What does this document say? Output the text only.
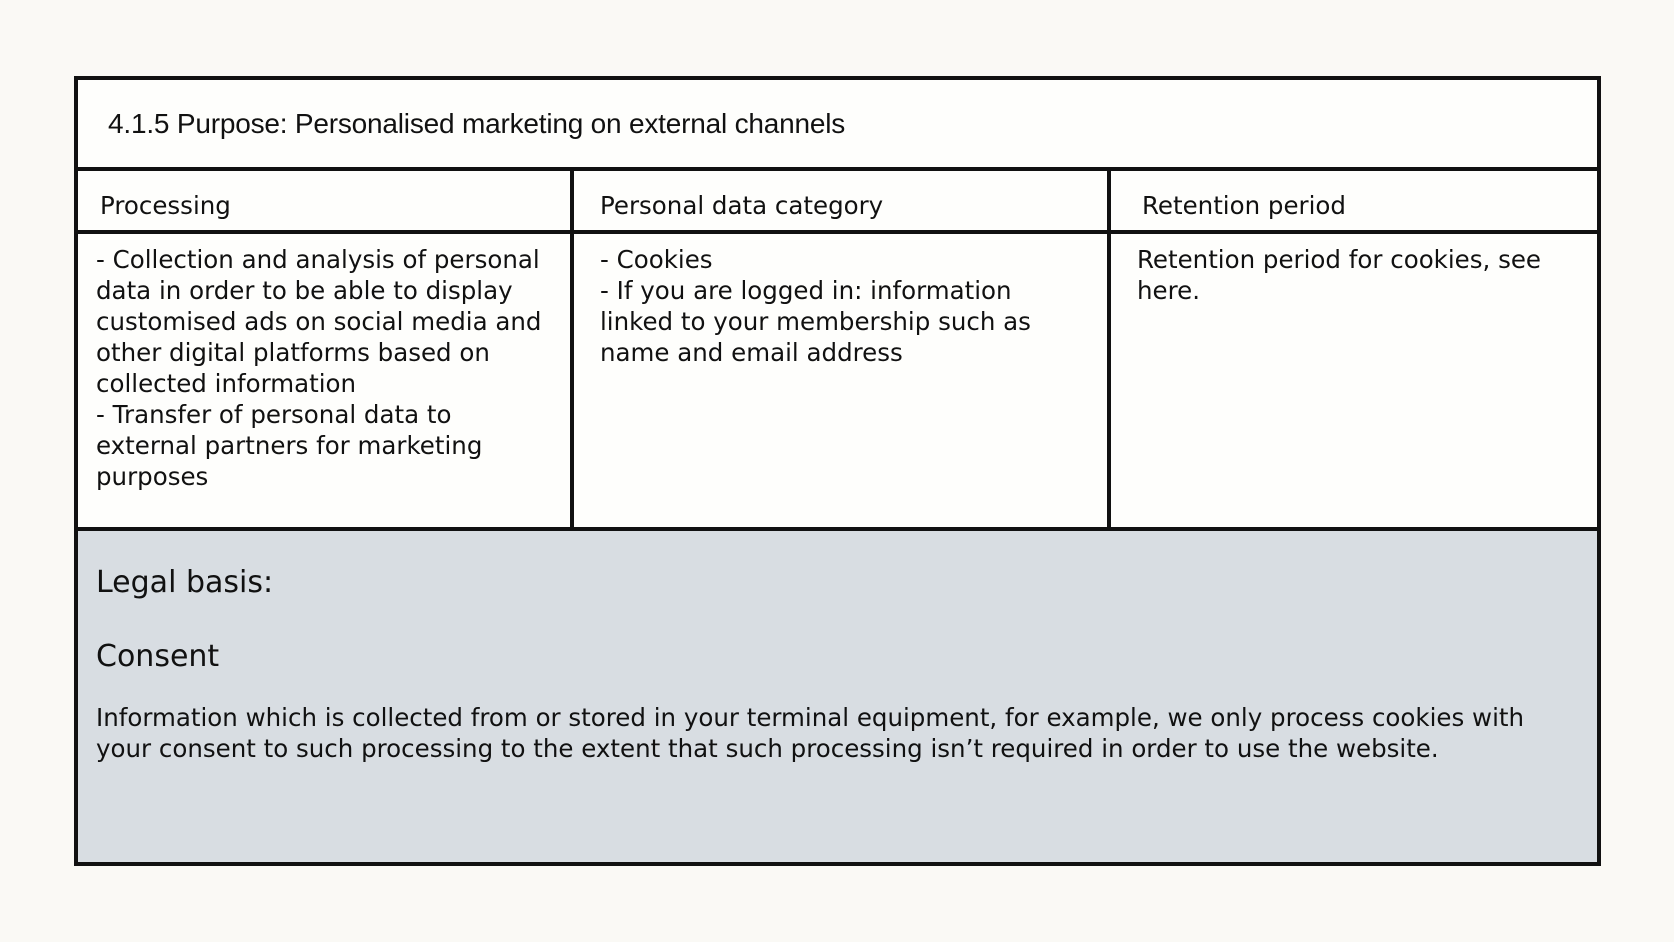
4.1.5 Purpose: Personalised marketing on external channels
Processing	Personal data category	Retention period
- Collection and analysis of personal
data in order to be able to display
customised ads on social media and
other digital platforms based on
collected information
- Transfer of personal data to
external partners for marketing
purposes
- Cookies
- If you are logged in: information
linked to your membership such as
name and email address
Retention period for cookies, see
here.
Legal basis:
Consent
Information which is collected from or stored in your terminal equipment, for example, we only process cookies with
your consent to such processing to the extent that such processing isn’t required in order to use the website.
